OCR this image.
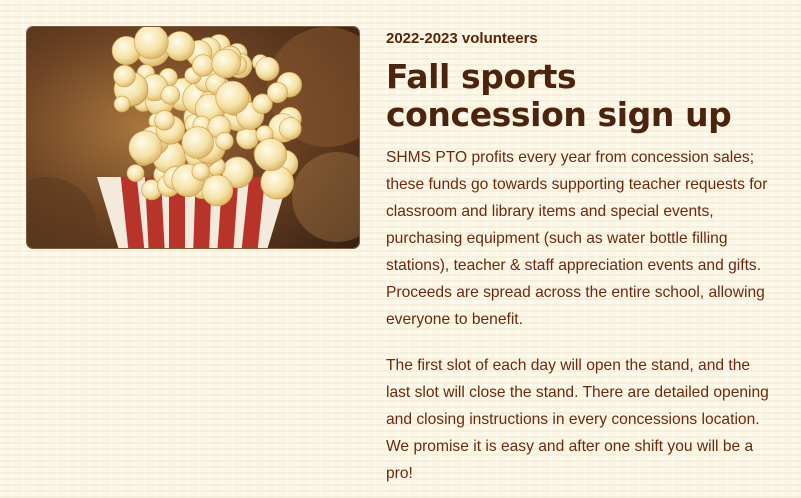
2022-2023 volunteers

Fall sports concession sign up

SHMS PTO profits every year from concession sales; these funds go towards supporting teacher requests for classroom and library items and special events, purchasing equipment (such as water bottle filling stations), teacher & staff appreciation events and gifts. Proceeds are spread across the entire school, allowing everyone to benefit.

The first slot of each day will open the stand, and the last slot will close the stand. There are detailed opening and closing instructions in every concessions location. We promise it is easy and after one shift you will be a pro!
